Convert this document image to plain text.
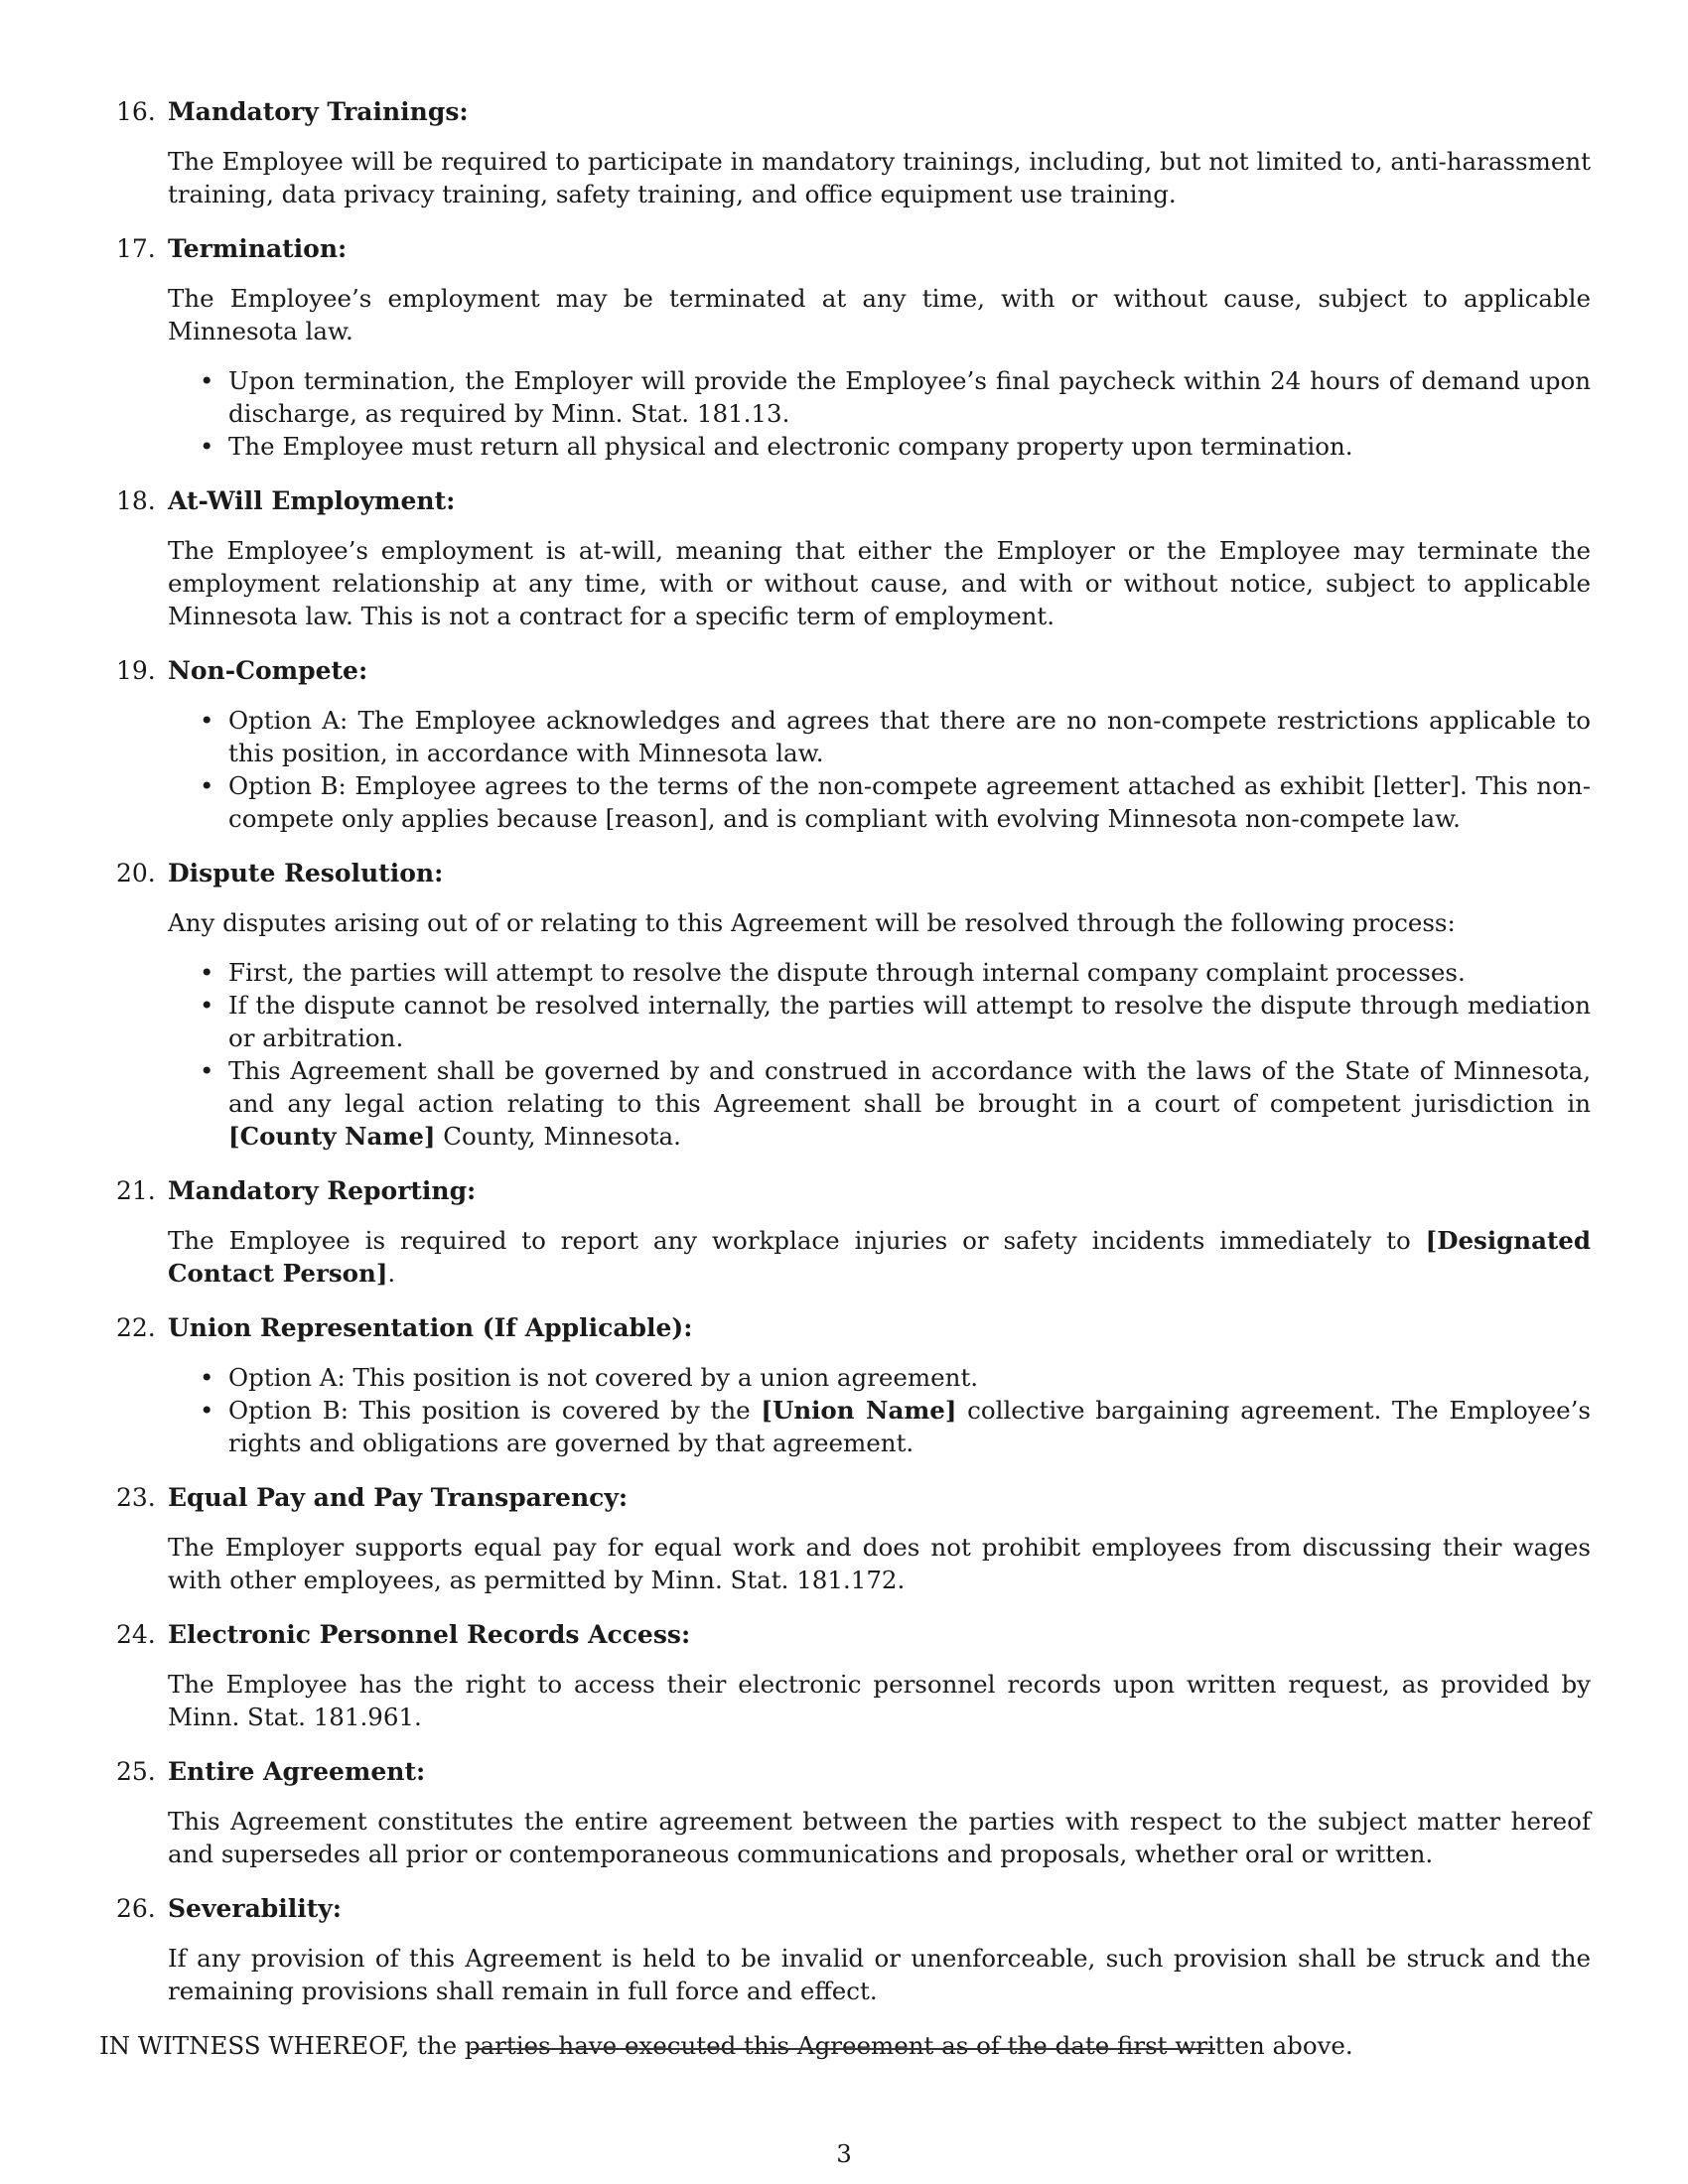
16. Mandatory Trainings:
The Employee will be required to participate in mandatory trainings, including, but not limited to, anti-harassment training, data privacy training, safety training, and office equipment use training.
17. Termination:
The Employee’s employment may be terminated at any time, with or without cause, subject to applicable Minnesota law.
• Upon termination, the Employer will provide the Employee’s final paycheck within 24 hours of demand upon discharge, as required by Minn. Stat. 181.13.
• The Employee must return all physical and electronic company property upon termination.
18. At-Will Employment:
The Employee’s employment is at-will, meaning that either the Employer or the Employee may terminate the employment relationship at any time, with or without cause, and with or without notice, subject to applicable Minnesota law. This is not a contract for a specific term of employment.
19. Non-Compete:
• Option A: The Employee acknowledges and agrees that there are no non-compete restrictions applicable to this position, in accordance with Minnesota law.
• Option B: Employee agrees to the terms of the non-compete agreement attached as exhibit [letter]. This non-compete only applies because [reason], and is compliant with evolving Minnesota non-compete law.
20. Dispute Resolution:
Any disputes arising out of or relating to this Agreement will be resolved through the following process:
• First, the parties will attempt to resolve the dispute through internal company complaint processes.
• If the dispute cannot be resolved internally, the parties will attempt to resolve the dispute through mediation or arbitration.
• This Agreement shall be governed by and construed in accordance with the laws of the State of Minnesota, and any legal action relating to this Agreement shall be brought in a court of competent jurisdiction in [County Name] County, Minnesota.
21. Mandatory Reporting:
The Employee is required to report any workplace injuries or safety incidents immediately to [Designated Contact Person].
22. Union Representation (If Applicable):
• Option A: This position is not covered by a union agreement.
• Option B: This position is covered by the [Union Name] collective bargaining agreement. The Employee’s rights and obligations are governed by that agreement.
23. Equal Pay and Pay Transparency:
The Employer supports equal pay for equal work and does not prohibit employees from discussing their wages with other employees, as permitted by Minn. Stat. 181.172.
24. Electronic Personnel Records Access:
The Employee has the right to access their electronic personnel records upon written request, as provided by Minn. Stat. 181.961.
25. Entire Agreement:
This Agreement constitutes the entire agreement between the parties with respect to the subject matter hereof and supersedes all prior or contemporaneous communications and proposals, whether oral or written.
26. Severability:
If any provision of this Agreement is held to be invalid or unenforceable, such provision shall be struck and the remaining provisions shall remain in full force and effect.
IN WITNESS WHEREOF, the parties have executed this Agreement as of the date first written above.
3
